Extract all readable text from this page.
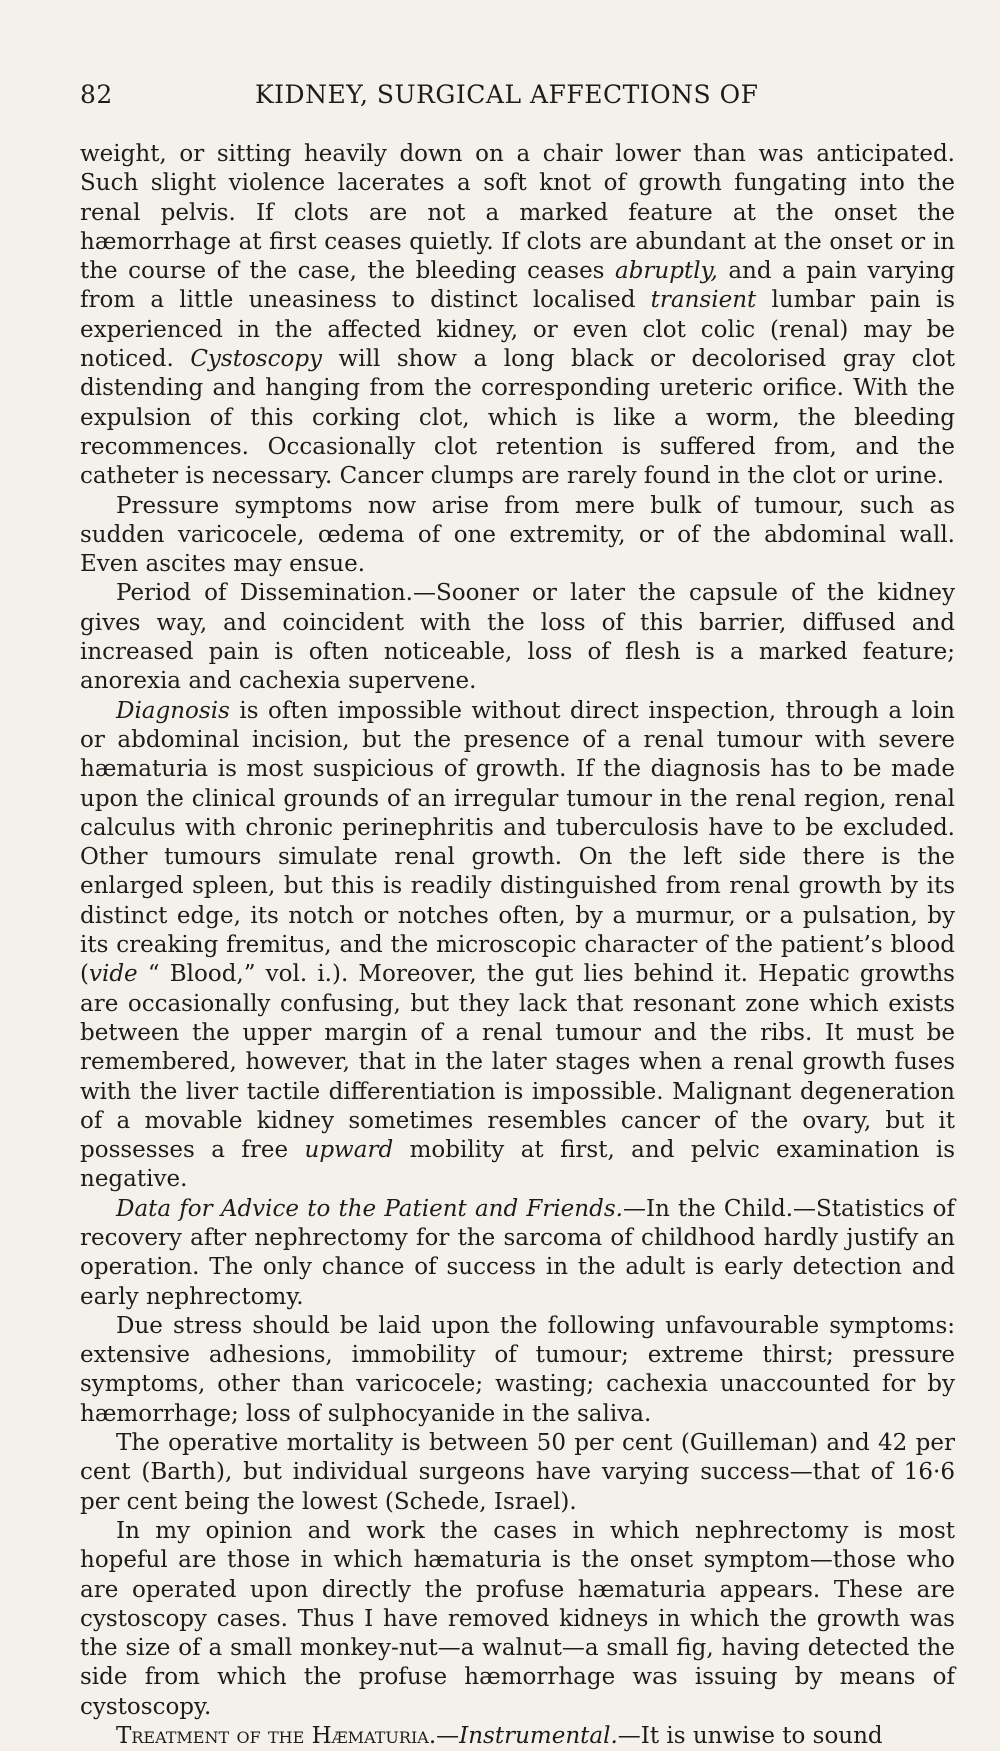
82	KIDNEY, SURGICAL AFFECTIONS OF

weight, or sitting heavily down on a chair lower than was anticipated. Such slight violence lacerates a soft knot of growth fungating into the renal pelvis. If clots are not a marked feature at the onset the hæmorrhage at first ceases quietly. If clots are abundant at the onset or in the course of the case, the bleeding ceases abruptly, and a pain varying from a little uneasiness to distinct localised transient lumbar pain is experienced in the affected kidney, or even clot colic (renal) may be noticed. Cystoscopy will show a long black or decolorised gray clot distending and hanging from the corresponding ureteric orifice. With the expulsion of this corking clot, which is like a worm, the bleeding recommences. Occasionally clot retention is suffered from, and the catheter is necessary. Cancer clumps are rarely found in the clot or urine.

Pressure symptoms now arise from mere bulk of tumour, such as sudden varicocele, œdema of one extremity, or of the abdominal wall. Even ascites may ensue.

Period of Dissemination.—Sooner or later the capsule of the kidney gives way, and coincident with the loss of this barrier, diffused and increased pain is often noticeable, loss of flesh is a marked feature; anorexia and cachexia supervene.

Diagnosis is often impossible without direct inspection, through a loin or abdominal incision, but the presence of a renal tumour with severe hæmaturia is most suspicious of growth. If the diagnosis has to be made upon the clinical grounds of an irregular tumour in the renal region, renal calculus with chronic perinephritis and tuberculosis have to be excluded. Other tumours simulate renal growth. On the left side there is the enlarged spleen, but this is readily distinguished from renal growth by its distinct edge, its notch or notches often, by a murmur, or a pulsation, by its creaking fremitus, and the microscopic character of the patient’s blood (vide “ Blood,” vol. i.). Moreover, the gut lies behind it. Hepatic growths are occasionally confusing, but they lack that resonant zone which exists between the upper margin of a renal tumour and the ribs. It must be remembered, however, that in the later stages when a renal growth fuses with the liver tactile differentiation is impossible. Malignant degeneration of a movable kidney sometimes resembles cancer of the ovary, but it possesses a free upward mobility at first, and pelvic examination is negative.

Data for Advice to the Patient and Friends.—In the Child.—Statistics of recovery after nephrectomy for the sarcoma of childhood hardly justify an operation. The only chance of success in the adult is early detection and early nephrectomy.

Due stress should be laid upon the following unfavourable symptoms: extensive adhesions, immobility of tumour; extreme thirst; pressure symptoms, other than varicocele; wasting; cachexia unaccounted for by hæmorrhage; loss of sulphocyanide in the saliva.

The operative mortality is between 50 per cent (Guilleman) and 42 per cent (Barth), but individual surgeons have varying success—that of 16·6 per cent being the lowest (Schede, Israel).

In my opinion and work the cases in which nephrectomy is most hopeful are those in which hæmaturia is the onset symptom—those who are operated upon directly the profuse hæmaturia appears. These are cystoscopy cases. Thus I have removed kidneys in which the growth was the size of a small monkey-nut—a walnut—a small fig, having detected the side from which the profuse hæmorrhage was issuing by means of cystoscopy.

Treatment of the Hæmaturia.—Instrumental.—It is unwise to sound
